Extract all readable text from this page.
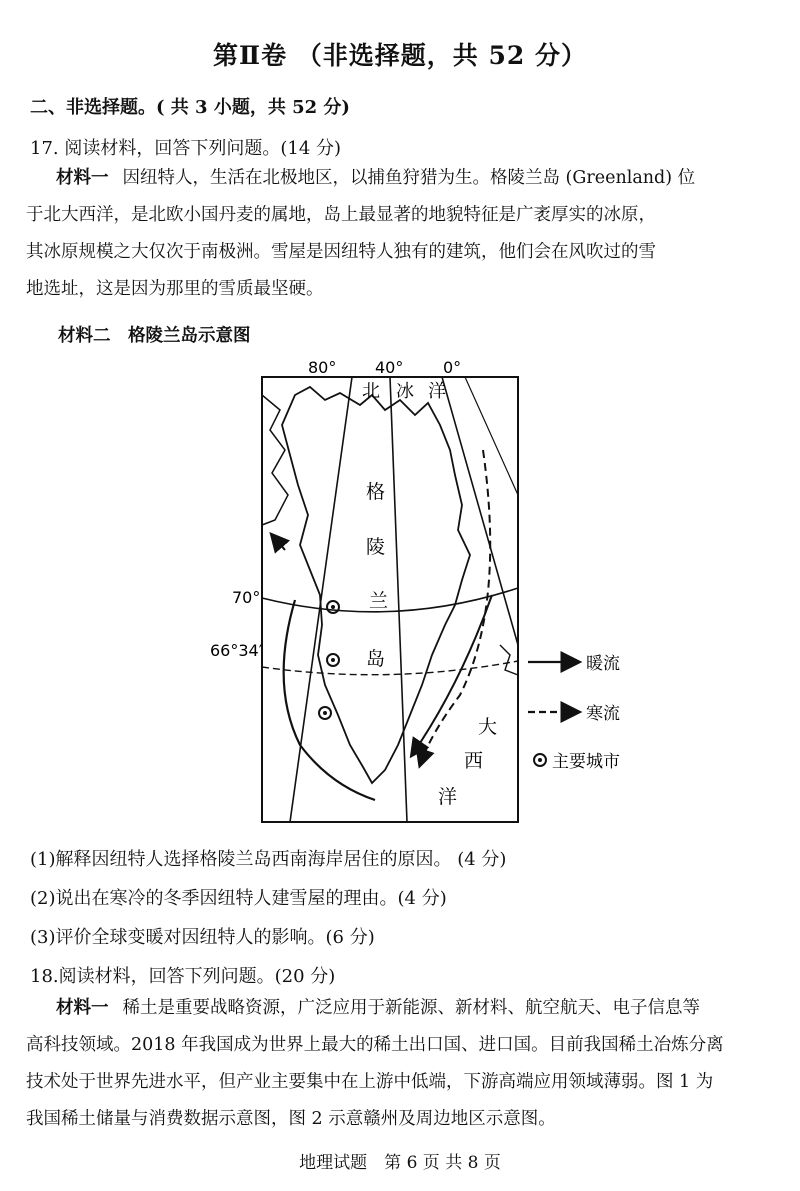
第Ⅱ卷 （非选择题，共 52 分）
二、非选择题。( 共 3 小题，共 52 分)
17. 阅读材料，回答下列问题。(14 分)
材料一 因纽特人，生活在北极地区，以捕鱼狩猎为生。格陵兰岛 (Greenland) 位
于北大西洋，是北欧小国丹麦的属地，岛上最显著的地貌特征是广袤厚实的冰原，
其冰原规模之大仅次于南极洲。雪屋是因纽特人独有的建筑，他们会在风吹过的雪
地选址，这是因为那里的雪质最坚硬。
材料二　格陵兰岛示意图
80° 40° 0°
70°
66°34′
北 冰 洋
格
陵
兰
岛
大
西
洋
暖流
寒流
主要城市
(1)解释因纽特人选择格陵兰岛西南海岸居住的原因。 (4 分)
(2)说出在寒冷的冬季因纽特人建雪屋的理由。(4 分)
(3)评价全球变暖对因纽特人的影响。(6 分)
18.阅读材料，回答下列问题。(20 分)
材料一 稀土是重要战略资源，广泛应用于新能源、新材料、航空航天、电子信息等
高科技领域。2018 年我国成为世界上最大的稀土出口国、进口国。目前我国稀土冶炼分离
技术处于世界先进水平，但产业主要集中在上游中低端，下游高端应用领域薄弱。图 1 为
我国稀土储量与消费数据示意图，图 2 示意赣州及周边地区示意图。
地理试题　第 6 页 共 8 页
